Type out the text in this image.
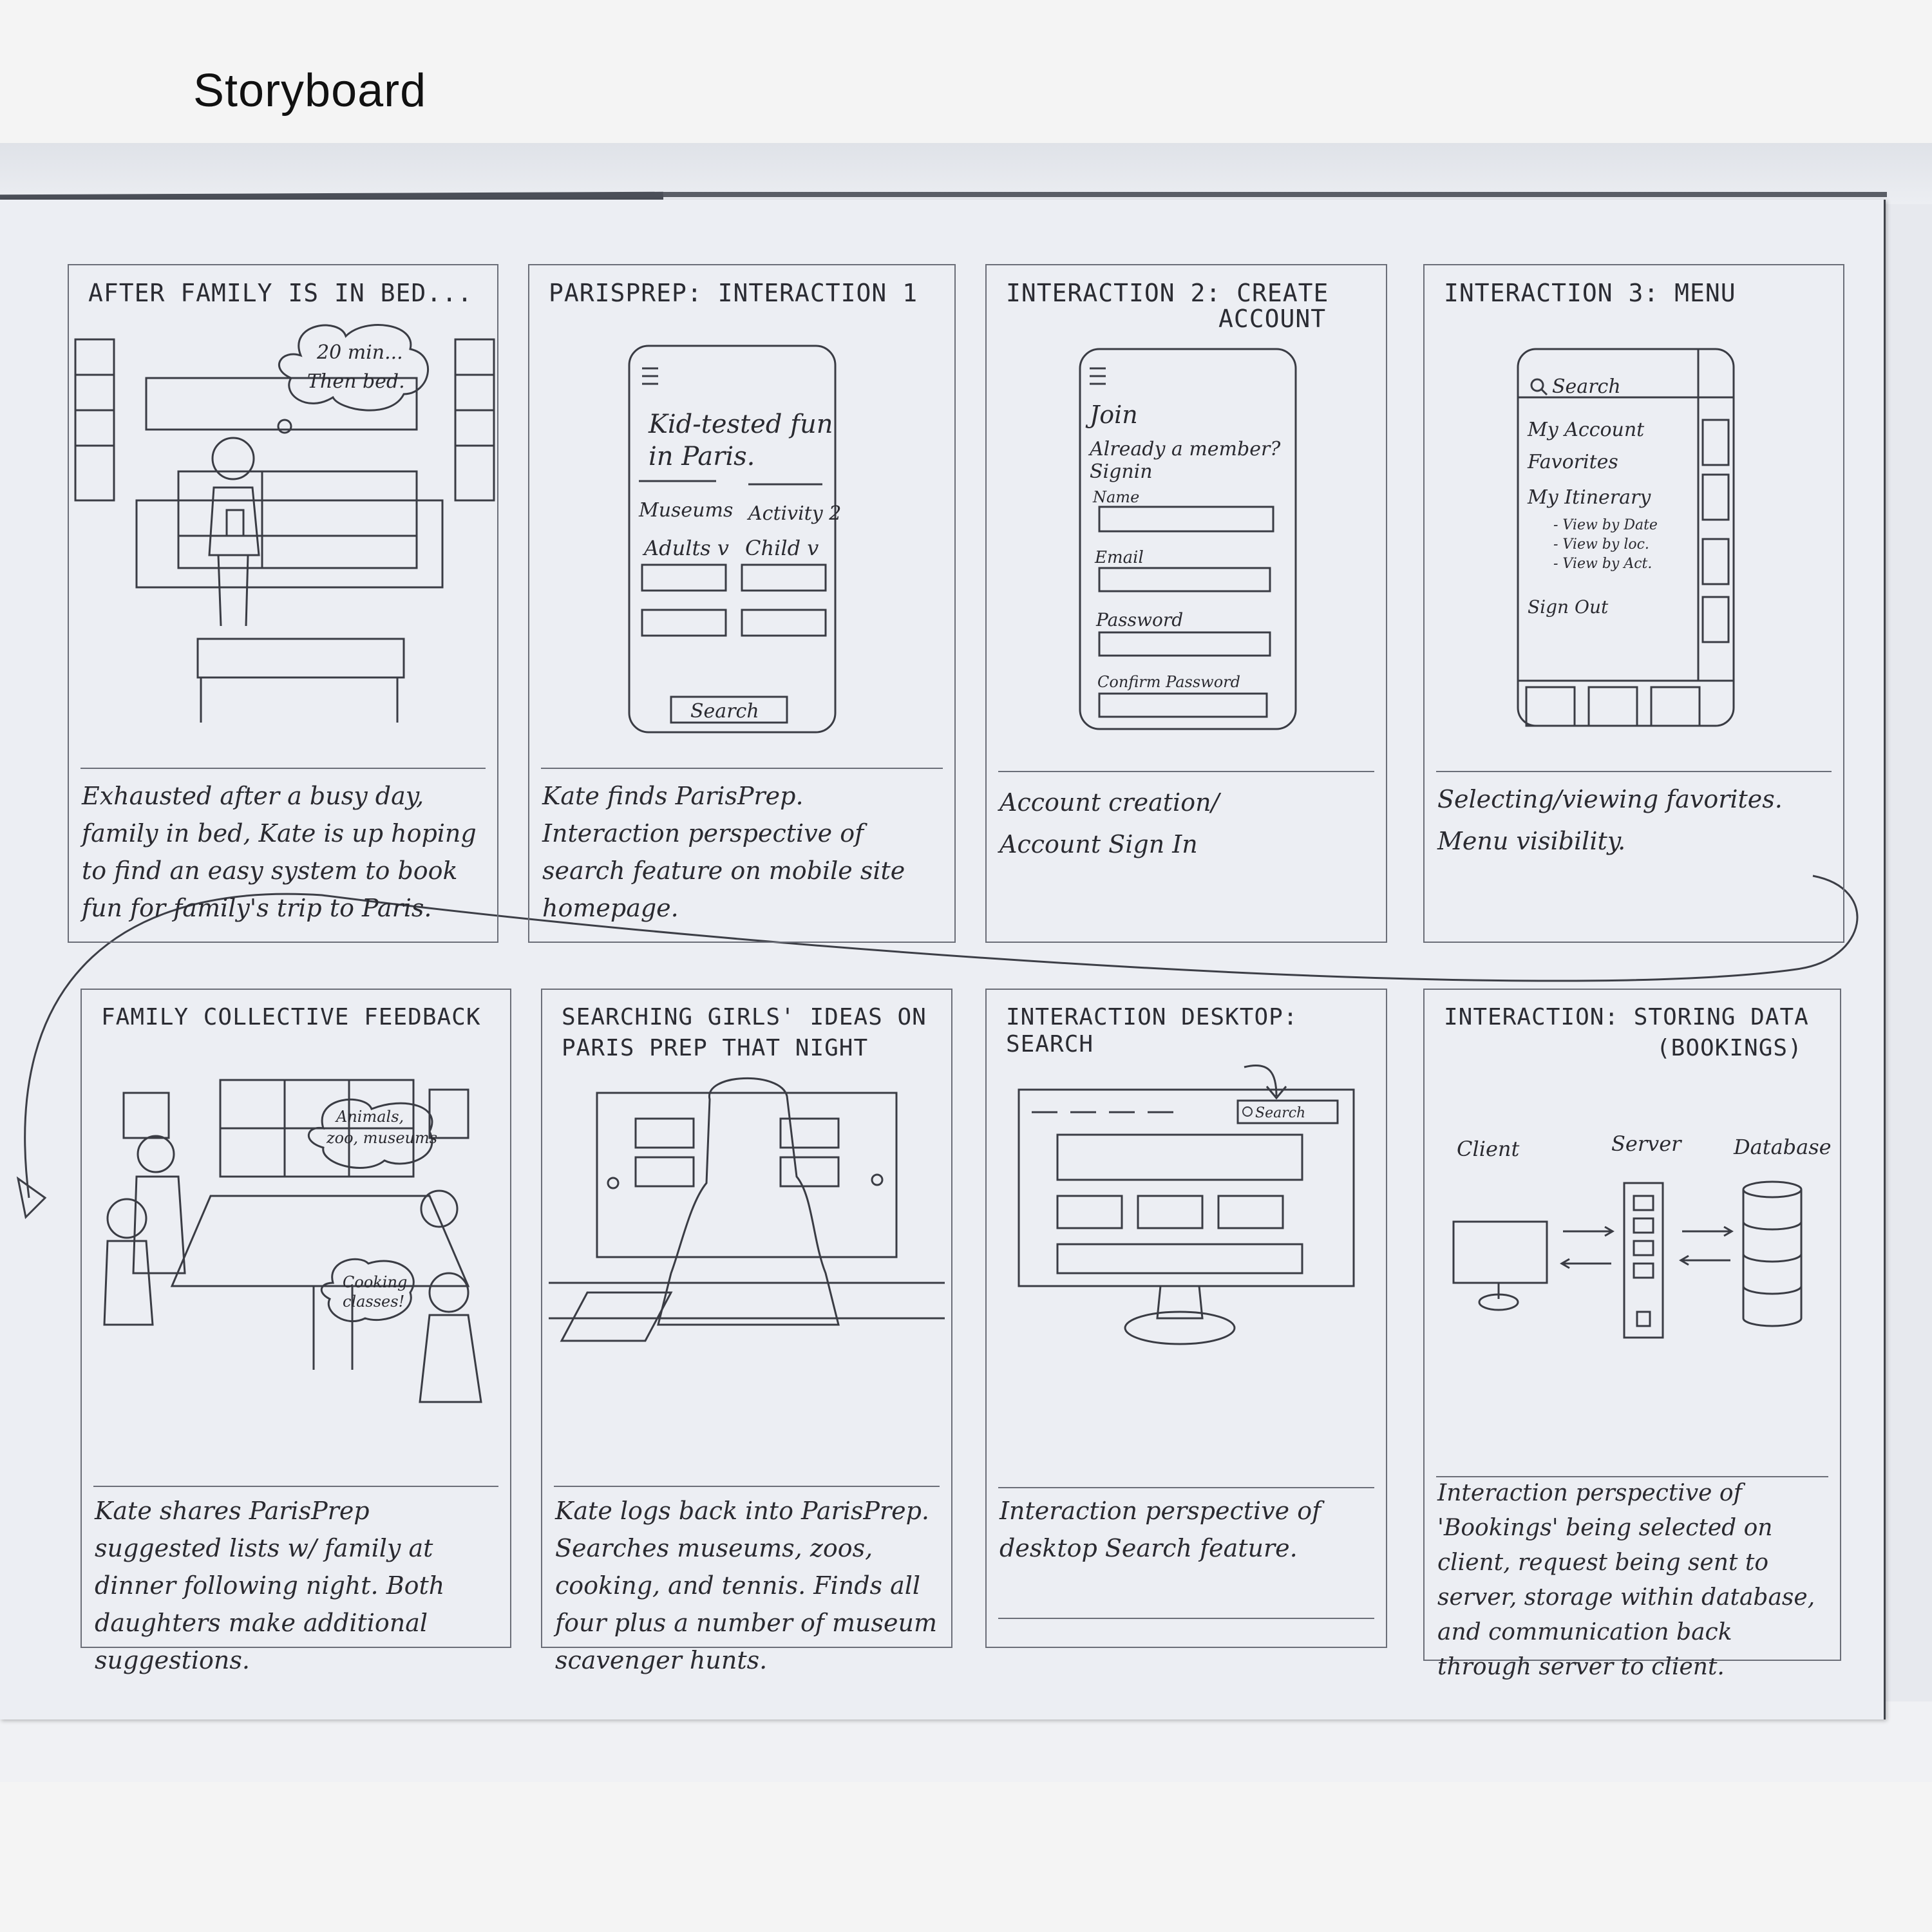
Storyboard
AFTER FAMILY IS IN BED...
20 min...
Then bed.
Exhausted after a busy day, family in bed, Kate is up hoping to find an easy system to book fun for family's trip to Paris.
PARISPREP: INTERACTION 1
Kid-tested fun
in Paris.
Museums Activity 2
Adults v Child v
Search
Kate finds ParisPrep. Interaction perspective of search feature on mobile site homepage.
INTERACTION 2: CREATE
ACCOUNT
Join
Already a member?
Signin
Name
Email
Password
Confirm Password
Account creation/
Account Sign In
INTERACTION 3: MENU
Search
My Account
Favorites
My Itinerary
- View by Date
- View by loc.
- View by Act.
Sign Out
Selecting/viewing favorites.
Menu visibility.
FAMILY COLLECTIVE FEEDBACK
Animals,
zoo, museums
Cooking
classes!
Kate shares ParisPrep suggested lists w/ family at dinner following night. Both daughters make additional suggestions.
SEARCHING GIRLS' IDEAS ON
PARIS PREP THAT NIGHT
Kate logs back into ParisPrep. Searches museums, zoos, cooking, and tennis. Finds all four plus a number of museum scavenger hunts.
INTERACTION DESKTOP: SEARCH
Search
Interaction perspective of desktop Search feature.
INTERACTION: STORING DATA
(BOOKINGS)
Client	Server	Database
Interaction perspective of 'Bookings' being selected on client, request being sent to server, storage within database, and communication back through server to client.
